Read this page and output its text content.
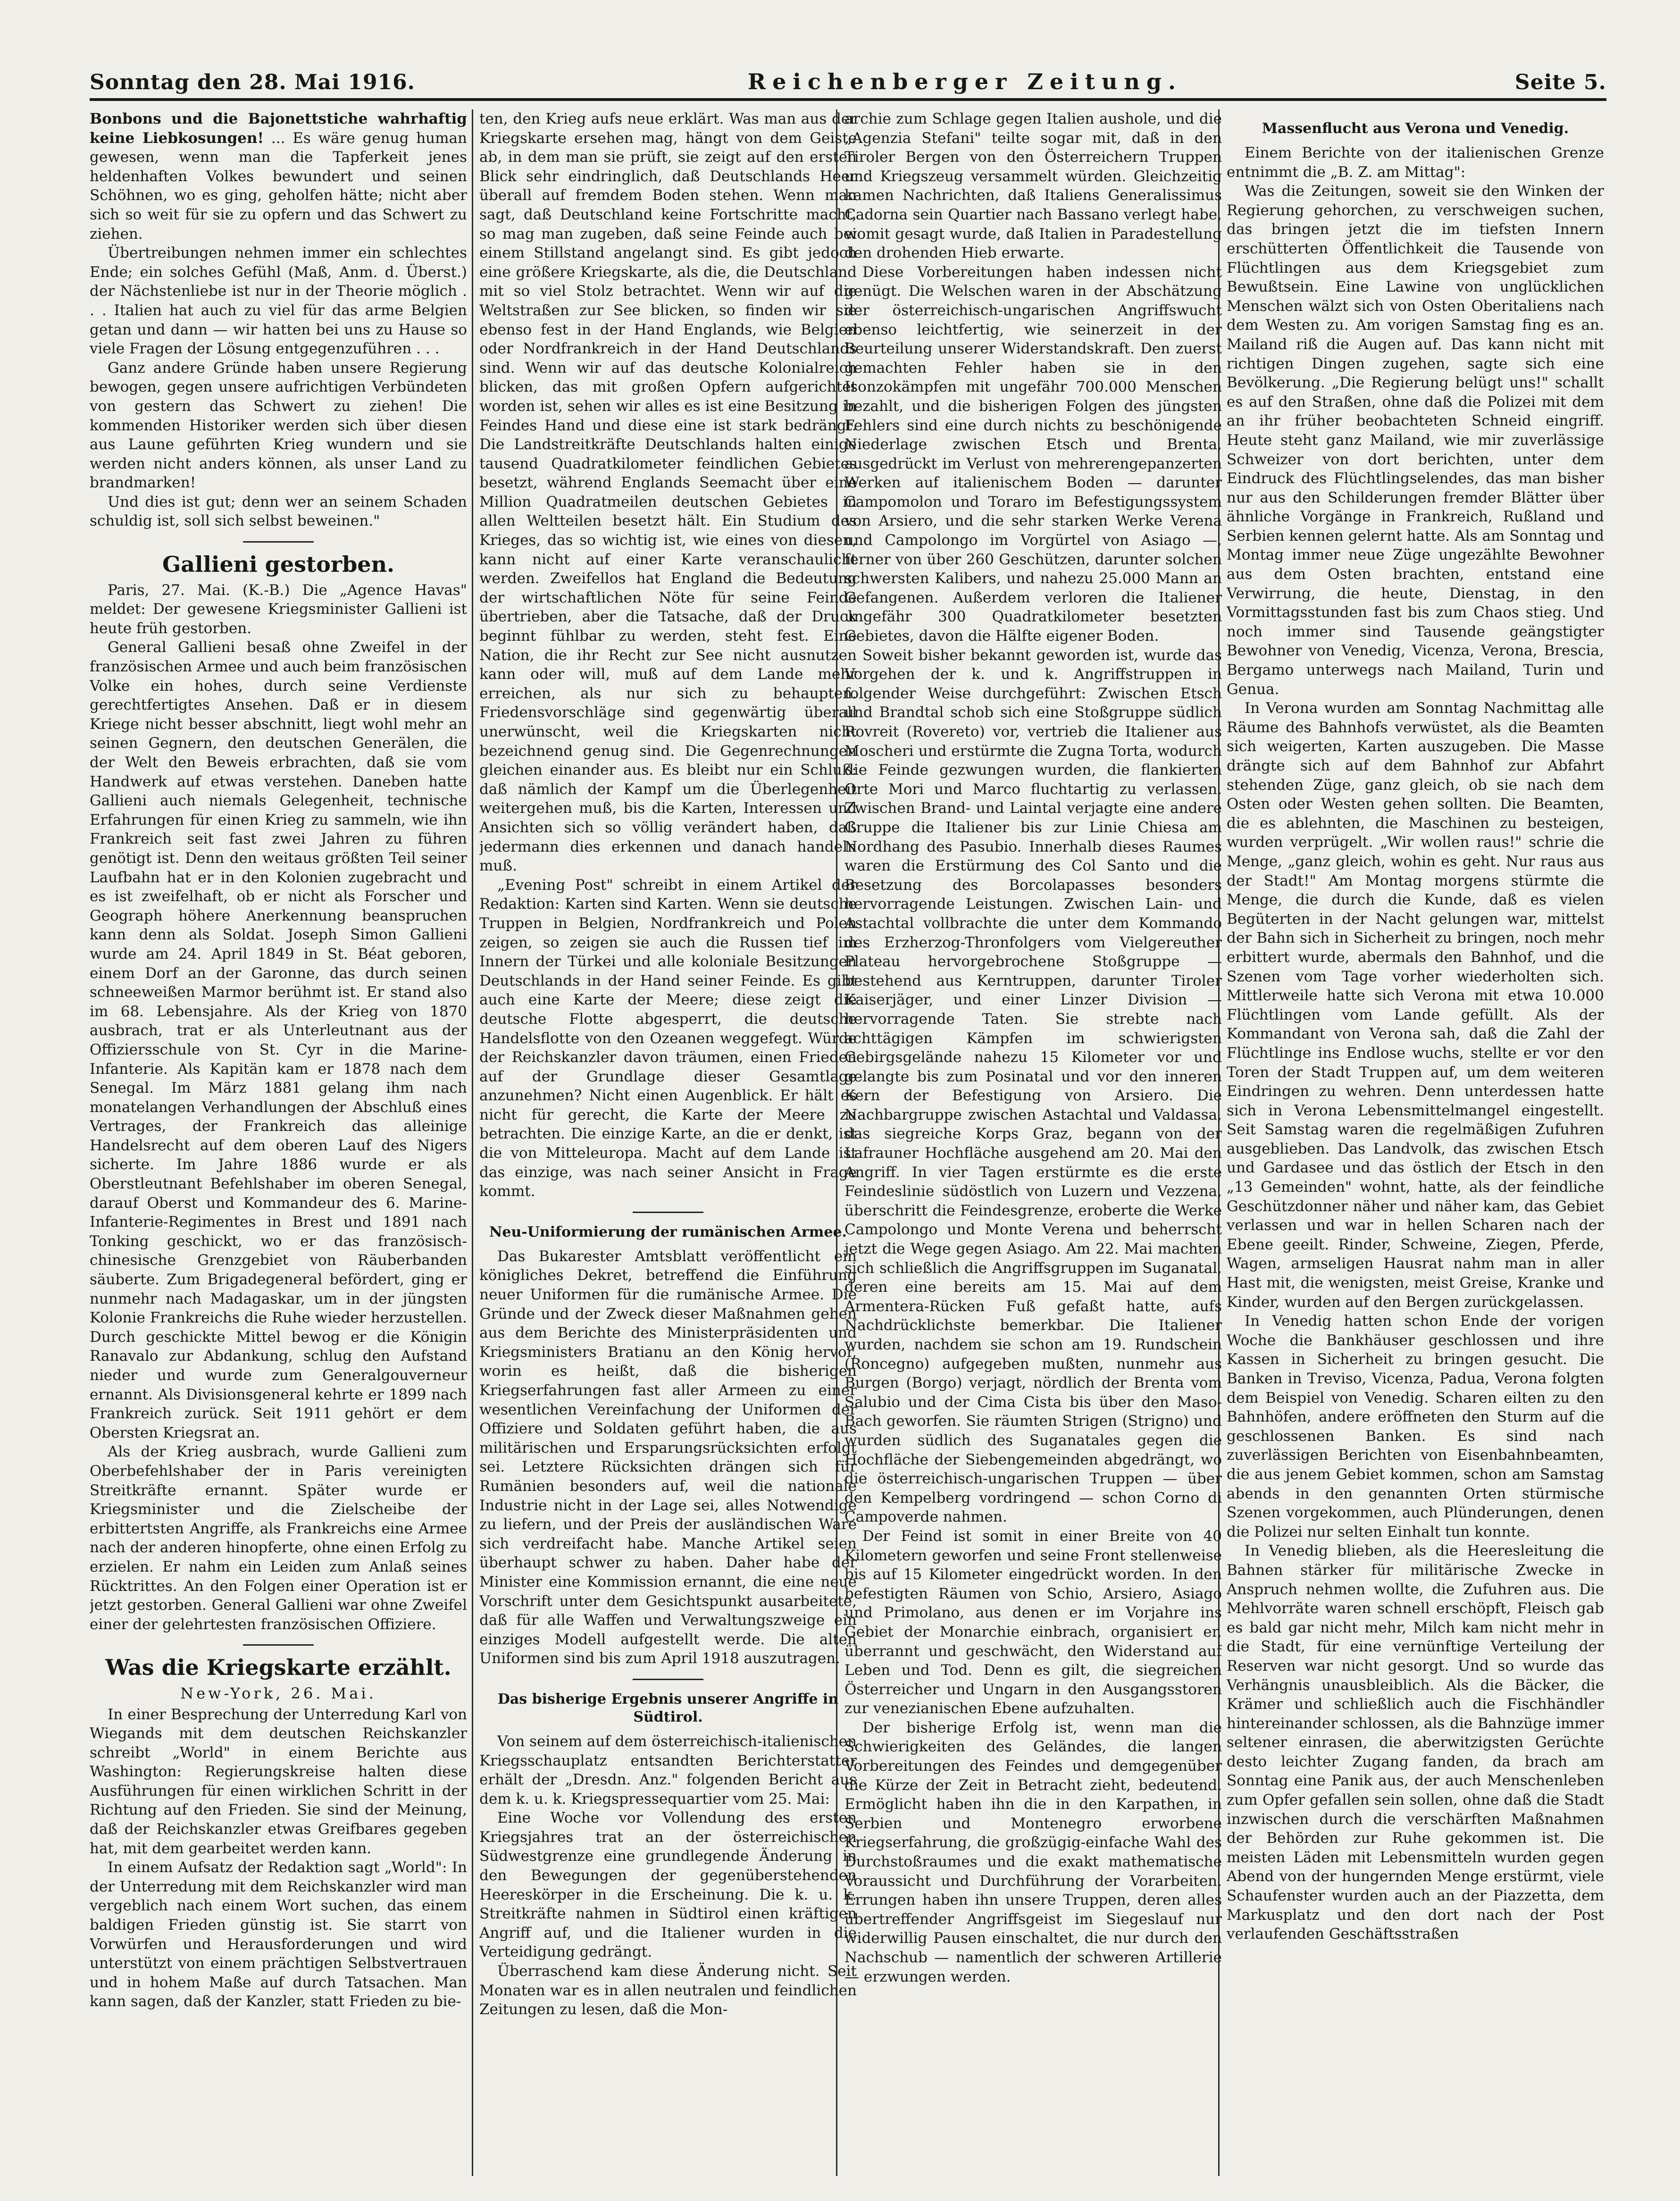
Sonntag den 28. Mai 1916.	Reichenberger Zeitung.	Seite 5.

Bonbons und die Bajonettstiche wahrhaftig keine Liebkosungen! ... Es wäre genug human gewesen, wenn man die Tapferkeit jenes heldenhaften Volkes bewundert und seinen Schöhnen, wo es ging, geholfen hätte; nicht aber sich so weit für sie zu opfern und das Schwert zu ziehen.

Übertreibungen nehmen immer ein schlechtes Ende; ein solches Gefühl (Maß, Anm. d. Überst.) der Nächstenliebe ist nur in der Theorie möglich . . . Italien hat auch zu viel für das arme Belgien getan und dann — wir hatten bei uns zu Hause so viele Fragen der Lösung entgegenzuführen . . .

Ganz andere Gründe haben unsere Regierung bewogen, gegen unsere aufrichtigen Verbündeten von gestern das Schwert zu ziehen! Die kommenden Historiker werden sich über diesen aus Laune geführten Krieg wundern und sie werden nicht anders können, als unser Land zu brandmarken!

Und dies ist gut; denn wer an seinem Schaden schuldig ist, soll sich selbst beweinen."

Gallieni gestorben.

Paris, 27. Mai. (K.-B.) Die „Agence Havas" meldet: Der gewesene Kriegsminister Gallieni ist heute früh gestorben.

General Gallieni besaß ohne Zweifel in der französischen Armee und auch beim französischen Volke ein hohes, durch seine Verdienste gerechtfertigtes Ansehen. Daß er in diesem Kriege nicht besser abschnitt, liegt wohl mehr an seinen Gegnern, den deutschen Generälen, die der Welt den Beweis erbrachten, daß sie vom Handwerk auf etwas verstehen. Daneben hatte Gallieni auch niemals Gelegenheit, technische Erfahrungen für einen Krieg zu sammeln, wie ihn Frankreich seit fast zwei Jahren zu führen genötigt ist. Denn den weitaus größten Teil seiner Laufbahn hat er in den Kolonien zugebracht und es ist zweifelhaft, ob er nicht als Forscher und Geograph höhere Anerkennung beanspruchen kann denn als Soldat. Joseph Simon Gallieni wurde am 24. April 1849 in St. Béat geboren, einem Dorf an der Garonne, das durch seinen schneeweißen Marmor berühmt ist. Er stand also im 68. Lebensjahre. Als der Krieg von 1870 ausbrach, trat er als Unterleutnant aus der Offiziersschule von St. Cyr in die Marine-Infanterie. Als Kapitän kam er 1878 nach dem Senegal. Im März 1881 gelang ihm nach monatelangen Verhandlungen der Abschluß eines Vertrages, der Frankreich das alleinige Handelsrecht auf dem oberen Lauf des Nigers sicherte. Im Jahre 1886 wurde er als Oberstleutnant Befehlshaber im oberen Senegal, darauf Oberst und Kommandeur des 6. Marine-Infanterie-Regimentes in Brest und 1891 nach Tonking geschickt, wo er das französisch-chinesische Grenzgebiet von Räuberbanden säuberte. Zum Brigadegeneral befördert, ging er nunmehr nach Madagaskar, um in der jüngsten Kolonie Frankreichs die Ruhe wieder herzustellen. Durch geschickte Mittel bewog er die Königin Ranavalo zur Abdankung, schlug den Aufstand nieder und wurde zum Generalgouverneur ernannt. Als Divisionsgeneral kehrte er 1899 nach Frankreich zurück. Seit 1911 gehört er dem Obersten Kriegsrat an.

Als der Krieg ausbrach, wurde Gallieni zum Oberbefehlshaber der in Paris vereinigten Streitkräfte ernannt. Später wurde er Kriegsminister und die Zielscheibe der erbittertsten Angriffe, als Frankreichs eine Armee nach der anderen hinopferte, ohne einen Erfolg zu erzielen. Er nahm ein Leiden zum Anlaß seines Rücktrittes. An den Folgen einer Operation ist er jetzt gestorben. General Gallieni war ohne Zweifel einer der gelehrtesten französischen Offiziere.

Was die Kriegskarte erzählt.
New-York, 26. Mai.

In einer Besprechung der Unterredung Karl von Wiegands mit dem deutschen Reichskanzler schreibt „World" in einem Berichte aus Washington: Regierungskreise halten diese Ausführungen für einen wirklichen Schritt in der Richtung auf den Frieden. Sie sind der Meinung, daß der Reichskanzler etwas Greifbares gegeben hat, mit dem gearbeitet werden kann.

In einem Aufsatz der Redaktion sagt „World": In der Unterredung mit dem Reichskanzler wird man vergeblich nach einem Wort suchen, das einem baldigen Frieden günstig ist. Sie starrt von Vorwürfen und Herausforderungen und wird unterstützt von einem prächtigen Selbstvertrauen und in hohem Maße auf durch Tatsachen. Man kann sagen, daß der Kanzler, statt Frieden zu bie-

ten, den Krieg aufs neue erklärt. Was man aus der Kriegskarte ersehen mag, hängt von dem Geiste ab, in dem man sie prüft, sie zeigt auf den ersten Blick sehr eindringlich, daß Deutschlands Heer überall auf fremdem Boden stehen. Wenn man sagt, daß Deutschland keine Fortschritte macht, so mag man zugeben, daß seine Feinde auch bei einem Stillstand angelangt sind. Es gibt jedoch eine größere Kriegskarte, als die, die Deutschland mit so viel Stolz betrachtet. Wenn wir auf die Weltstraßen zur See blicken, so finden wir sie ebenso fest in der Hand Englands, wie Belgien oder Nordfrankreich in der Hand Deutschlands sind. Wenn wir auf das deutsche Kolonialreich blicken, das mit großen Opfern aufgerichtet worden ist, sehen wir alles es ist eine Besitzung in Feindes Hand und diese eine ist stark bedrängt. Die Landstreitkräfte Deutschlands halten einige tausend Quadratkilometer feindlichen Gebietes besetzt, während Englands Seemacht über eine Million Quadratmeilen deutschen Gebietes in allen Weltteilen besetzt hält. Ein Studium des Krieges, das so wichtig ist, wie eines von diesen, kann nicht auf einer Karte veranschaulicht werden. Zweifellos hat England die Bedeutung der wirtschaftlichen Nöte für seine Feinde übertrieben, aber die Tatsache, daß der Druck beginnt fühlbar zu werden, steht fest. Eine Nation, die ihr Recht zur See nicht ausnutzen kann oder will, muß auf dem Lande mehr erreichen, als nur sich zu behaupten. Friedensvorschläge sind gegenwärtig überall unerwünscht, weil die Kriegskarten nicht bezeichnend genug sind. Die Gegenrechnungen gleichen einander aus. Es bleibt nur ein Schluß: daß nämlich der Kampf um die Überlegenheit weitergehen muß, bis die Karten, Interessen und Ansichten sich so völlig verändert haben, daß jedermann dies erkennen und danach handeln muß.

„Evening Post" schreibt in einem Artikel der Redaktion: Karten sind Karten. Wenn sie deutsche Truppen in Belgien, Nordfrankreich und Polen zeigen, so zeigen sie auch die Russen tief im Innern der Türkei und alle koloniale Besitzungen Deutschlands in der Hand seiner Feinde. Es gibt auch eine Karte der Meere; diese zeigt die deutsche Flotte abgesperrt, die deutsche Handelsflotte von den Ozeanen weggefegt. Würde der Reichskanzler davon träumen, einen Frieden auf der Grundlage dieser Gesamtlage anzunehmen? Nicht einen Augenblick. Er hält es nicht für gerecht, die Karte der Meere zu betrachten. Die einzige Karte, an die er denkt, ist die von Mitteleuropa. Macht auf dem Lande ist das einzige, was nach seiner Ansicht in Frage kommt.

Neu-Uniformierung der rumänischen Armee.

Das Bukarester Amtsblatt veröffentlicht ein königliches Dekret, betreffend die Einführung neuer Uniformen für die rumänische Armee. Die Gründe und der Zweck dieser Maßnahmen gehen aus dem Berichte des Ministerpräsidenten und Kriegsministers Bratianu an den König hervor, worin es heißt, daß die bisherigen Kriegserfahrungen fast aller Armeen zu einer wesentlichen Vereinfachung der Uniformen der Offiziere und Soldaten geführt haben, die aus militärischen und Ersparungsrücksichten erfolgt sei. Letztere Rücksichten drängen sich für Rumänien besonders auf, weil die nationale Industrie nicht in der Lage sei, alles Notwendige zu liefern, und der Preis der ausländischen Ware sich verdreifacht habe. Manche Artikel seien überhaupt schwer zu haben. Daher habe der Minister eine Kommission ernannt, die eine neue Vorschrift unter dem Gesichtspunkt ausarbeitete, daß für alle Waffen und Verwaltungszweige ein einziges Modell aufgestellt werde. Die alten Uniformen sind bis zum April 1918 auszutragen.

Das bisherige Ergebnis unserer Angriffe in Südtirol.

Von seinem auf dem österreichisch-italienischen Kriegsschauplatz entsandten Berichterstatter erhält der „Dresdn. Anz." folgenden Bericht aus dem k. u. k. Kriegspressequartier vom 25. Mai:

Eine Woche vor Vollendung des ersten Kriegsjahres trat an der österreichischen Südwestgrenze eine grundlegende Änderung in den Bewegungen der gegenüberstehenden Heereskörper in die Erscheinung. Die k. u. k. Streitkräfte nahmen in Südtirol einen kräftigen Angriff auf, und die Italiener wurden in die Verteidigung gedrängt.

Überraschend kam diese Änderung nicht. Seit Monaten war es in allen neutralen und feindlichen Zeitungen zu lesen, daß die Mon-

archie zum Schlage gegen Italien aushole, und die „Agenzia Stefani" teilte sogar mit, daß in den Tiroler Bergen von den Österreichern Truppen und Kriegszeug versammelt würden. Gleichzeitig kamen Nachrichten, daß Italiens Generalissimus Cadorna sein Quartier nach Bassano verlegt habe, womit gesagt wurde, daß Italien in Paradestellung den drohenden Hieb erwarte.

Diese Vorbereitungen haben indessen nicht genügt. Die Welschen waren in der Abschätzung der österreichisch-ungarischen Angriffswucht ebenso leichtfertig, wie seinerzeit in der Beurteilung unserer Widerstandskraft. Den zuerst gemachten Fehler haben sie in den Isonzokämpfen mit ungefähr 700.000 Menschen bezahlt, und die bisherigen Folgen des jüngsten Fehlers sind eine durch nichts zu beschönigende Niederlage zwischen Etsch und Brenta, ausgedrückt im Verlust von mehrerengepanzerten Werken auf italienischem Boden — darunter Campomolon und Toraro im Befestigungssystem von Arsiero, und die sehr starken Werke Verena und Campolongo im Vorgürtel von Asiago —, ferner von über 260 Geschützen, darunter solchen schwersten Kalibers, und nahezu 25.000 Mann an Gefangenen. Außerdem verloren die Italiener ungefähr 300 Quadratkilometer besetzten Gebietes, davon die Hälfte eigener Boden.

Soweit bisher bekannt geworden ist, wurde das Vorgehen der k. und k. Angriffstruppen in folgender Weise durchgeführt: Zwischen Etsch und Brandtal schob sich eine Stoßgruppe südlich Rovreit (Rovereto) vor, vertrieb die Italiener aus Moscheri und erstürmte die Zugna Torta, wodurch die Feinde gezwungen wurden, die flankierten Orte Mori und Marco fluchtartig zu verlassen. Zwischen Brand- und Laintal verjagte eine andere Gruppe die Italiener bis zur Linie Chiesa am Nordhang des Pasubio. Innerhalb dieses Raumes waren die Erstürmung des Col Santo und die Besetzung des Borcolapasses besonders hervorragende Leistungen. Zwischen Lain- und Astachtal vollbrachte die unter dem Kommando des Erzherzog-Thronfolgers vom Vielgereuther Plateau hervorgebrochene Stoßgruppe — bestehend aus Kerntruppen, darunter Tiroler Kaiserjäger, und einer Linzer Division — hervorragende Taten. Sie strebte nach achttägigen Kämpfen im schwierigsten Gebirgsgelände nahezu 15 Kilometer vor und gelangte bis zum Posinatal und vor den inneren Kern der Befestigung von Arsiero. Die Nachbargruppe zwischen Astachtal und Valdassa, das siegreiche Korps Graz, begann von der Lafrauner Hochfläche ausgehend am 20. Mai den Angriff. In vier Tagen erstürmte es die erste Feindeslinie südöstlich von Luzern und Vezzena, überschritt die Feindesgrenze, eroberte die Werke Campolongo und Monte Verena und beherrscht jetzt die Wege gegen Asiago. Am 22. Mai machten sich schließlich die Angriffsgruppen im Suganatal, deren eine bereits am 15. Mai auf dem Armentera-Rücken Fuß gefaßt hatte, aufs Nachdrücklichste bemerkbar. Die Italiener wurden, nachdem sie schon am 19. Rundschein (Roncegno) aufgegeben mußten, nunmehr aus Burgen (Borgo) verjagt, nördlich der Brenta vom Salubio und der Cima Cista bis über den Maso-Bach geworfen. Sie räumten Strigen (Strigno) und wurden südlich des Suganatales gegen die Hochfläche der Siebengemeinden abgedrängt, wo die österreichisch-ungarischen Truppen — über den Kempelberg vordringend — schon Corno di Campoverde nahmen.

Der Feind ist somit in einer Breite von 40 Kilometern geworfen und seine Front stellenweise bis auf 15 Kilometer eingedrückt worden. In den befestigten Räumen von Schio, Arsiero, Asiago und Primolano, aus denen er im Vorjahre ins Gebiet der Monarchie einbrach, organisiert er, überrannt und geschwächt, den Widerstand auf Leben und Tod. Denn es gilt, die siegreichen Österreicher und Ungarn in den Ausgangsstoren zur venezianischen Ebene aufzuhalten.

Der bisherige Erfolg ist, wenn man die Schwierigkeiten des Geländes, die langen Vorbereitungen des Feindes und demgegenüber die Kürze der Zeit in Betracht zieht, bedeutend. Ermöglicht haben ihn die in den Karpathen, in Serbien und Montenegro erworbene Kriegserfahrung, die großzügig-einfache Wahl des Durchstoßraumes und die exakt mathematische Voraussicht und Durchführung der Vorarbeiten. Errungen haben ihn unsere Truppen, deren alles übertreffender Angriffsgeist im Siegeslauf nur widerwillig Pausen einschaltet, die nur durch den Nachschub — namentlich der schweren Artillerie — erzwungen werden.

Massenflucht aus Verona und Venedig.

Einem Berichte von der italienischen Grenze entnimmt die „B. Z. am Mittag":

Was die Zeitungen, soweit sie den Winken der Regierung gehorchen, zu verschweigen suchen, das bringen jetzt die im tiefsten Innern erschütterten Öffentlichkeit die Tausende von Flüchtlingen aus dem Kriegsgebiet zum Bewußtsein. Eine Lawine von unglücklichen Menschen wälzt sich von Osten Oberitaliens nach dem Westen zu. Am vorigen Samstag fing es an. Mailand riß die Augen auf. Das kann nicht mit richtigen Dingen zugehen, sagte sich eine Bevölkerung. „Die Regierung belügt uns!" schallt es auf den Straßen, ohne daß die Polizei mit dem an ihr früher beobachteten Schneid eingriff. Heute steht ganz Mailand, wie mir zuverlässige Schweizer von dort berichten, unter dem Eindruck des Flüchtlingselendes, das man bisher nur aus den Schilderungen fremder Blätter über ähnliche Vorgänge in Frankreich, Rußland und Serbien kennen gelernt hatte. Als am Sonntag und Montag immer neue Züge ungezählte Bewohner aus dem Osten brachten, entstand eine Verwirrung, die heute, Dienstag, in den Vormittagsstunden fast bis zum Chaos stieg. Und noch immer sind Tausende geängstigter Bewohner von Venedig, Vicenza, Verona, Brescia, Bergamo unterwegs nach Mailand, Turin und Genua.

In Verona wurden am Sonntag Nachmittag alle Räume des Bahnhofs verwüstet, als die Beamten sich weigerten, Karten auszugeben. Die Masse drängte sich auf dem Bahnhof zur Abfahrt stehenden Züge, ganz gleich, ob sie nach dem Osten oder Westen gehen sollten. Die Beamten, die es ablehnten, die Maschinen zu besteigen, wurden verprügelt. „Wir wollen raus!" schrie die Menge, „ganz gleich, wohin es geht. Nur raus aus der Stadt!" Am Montag morgens stürmte die Menge, die durch die Kunde, daß es vielen Begüterten in der Nacht gelungen war, mittelst der Bahn sich in Sicherheit zu bringen, noch mehr erbittert wurde, abermals den Bahnhof, und die Szenen vom Tage vorher wiederholten sich. Mittlerweile hatte sich Verona mit etwa 10.000 Flüchtlingen vom Lande gefüllt. Als der Kommandant von Verona sah, daß die Zahl der Flüchtlinge ins Endlose wuchs, stellte er vor den Toren der Stadt Truppen auf, um dem weiteren Eindringen zu wehren. Denn unterdessen hatte sich in Verona Lebensmittelmangel eingestellt. Seit Samstag waren die regelmäßigen Zufuhren ausgeblieben. Das Landvolk, das zwischen Etsch und Gardasee und das östlich der Etsch in den „13 Gemeinden" wohnt, hatte, als der feindliche Geschützdonner näher und näher kam, das Gebiet verlassen und war in hellen Scharen nach der Ebene geeilt. Rinder, Schweine, Ziegen, Pferde, Wagen, armseligen Hausrat nahm man in aller Hast mit, die wenigsten, meist Greise, Kranke und Kinder, wurden auf den Bergen zurückgelassen.

In Venedig hatten schon Ende der vorigen Woche die Bankhäuser geschlossen und ihre Kassen in Sicherheit zu bringen gesucht. Die Banken in Treviso, Vicenza, Padua, Verona folgten dem Beispiel von Venedig. Scharen eilten zu den Bahnhöfen, andere eröffneten den Sturm auf die geschlossenen Banken. Es sind nach zuverlässigen Berichten von Eisenbahnbeamten, die aus jenem Gebiet kommen, schon am Samstag abends in den genannten Orten stürmische Szenen vorgekommen, auch Plünderungen, denen die Polizei nur selten Einhalt tun konnte.

In Venedig blieben, als die Heeresleitung die Bahnen stärker für militärische Zwecke in Anspruch nehmen wollte, die Zufuhren aus. Die Mehlvorräte waren schnell erschöpft, Fleisch gab es bald gar nicht mehr, Milch kam nicht mehr in die Stadt, für eine vernünftige Verteilung der Reserven war nicht gesorgt. Und so wurde das Verhängnis unausbleiblich. Als die Bäcker, die Krämer und schließlich auch die Fischhändler hintereinander schlossen, als die Bahnzüge immer seltener einrasen, die aberwitzigsten Gerüchte desto leichter Zugang fanden, da brach am Sonntag eine Panik aus, der auch Menschenleben zum Opfer gefallen sein sollen, ohne daß die Stadt inzwischen durch die verschärften Maßnahmen der Behörden zur Ruhe gekommen ist. Die meisten Läden mit Lebensmitteln wurden gegen Abend von der hungernden Menge erstürmt, viele Schaufenster wurden auch an der Piazzetta, dem Markusplatz und den dort nach der Post verlaufenden Geschäftsstraßen
